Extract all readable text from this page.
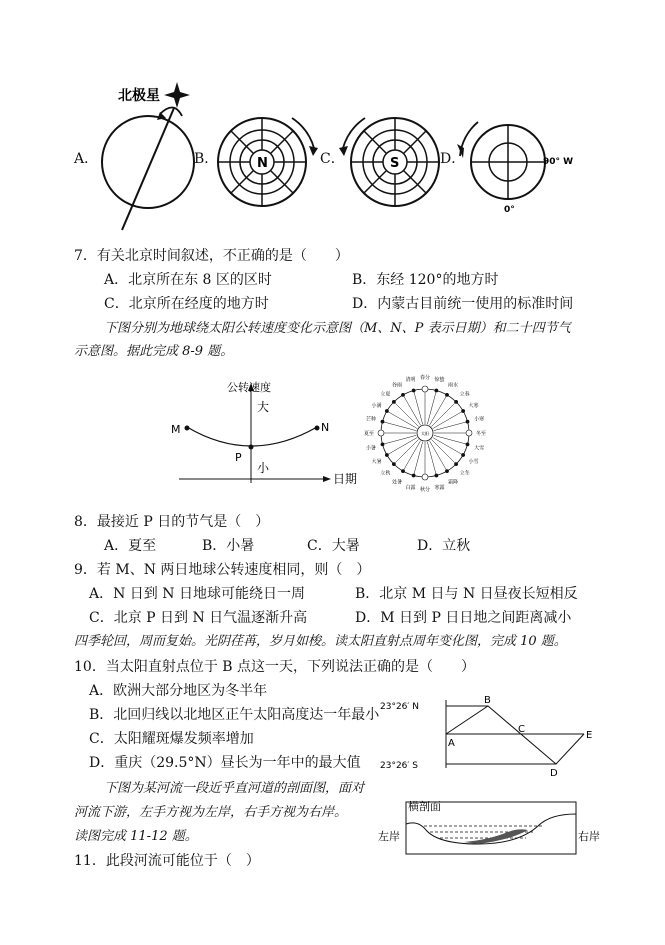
北极星
N	S	90° W
0°
A．	B．	C．	D．
7．有关北京时间叙述，不正确的是（　　）
A．北京所在东 8 区的区时	B．东经 120°的地方时
C．北京所在经度的地方时	D．内蒙古目前统一使用的标准时间
下图分别为地球绕太阳公转速度变化示意图（M、N、P 表示日期）和二十四节气
示意图。据此完成 8-9 题。
公转速度
大
小
日期
M	N
P
太阳
春分
清明
谷雨
立夏
小满
芒种
夏至
小暑
大暑
立秋
处暑
白露 秋分 寒露
霜降
立冬
小雪
大雪
冬至
小寒
大寒
立春
雨水
惊蛰
8．最接近 P 日的节气是（　）
A．夏至	B．小暑	C．大暑	D．立秋
9．若 M、N 两日地球公转速度相同，则（　）
A．N 日到 N 日地球可能绕日一周	B．北京 M 日与 N 日昼夜长短相反
C．北京 P 日到 N 日气温逐渐升高	D．M 日到 P 日日地之间距离减小
四季轮回，周而复始。光阴荏苒，岁月如梭。读太阳直射点周年变化图，完成 10 题。
10．当太阳直射点位于 B 点这一天，下列说法正确的是（　　）
A．欧洲大部分地区为冬半年
B．北回归线以北地区正午太阳高度达一年最小
C．太阳耀斑爆发频率增加
D．重庆（29.5°N）昼长为一年中的最大值
23°26′ N
23°26′ S
A
B
C
D
E
下图为某河流一段近乎直河道的剖面图，面对
河流下游，左手方视为左岸，右手方视为右岸。
读图完成 11-12 题。
横剖面
左岸	右岸
11．此段河流可能位于（　）
